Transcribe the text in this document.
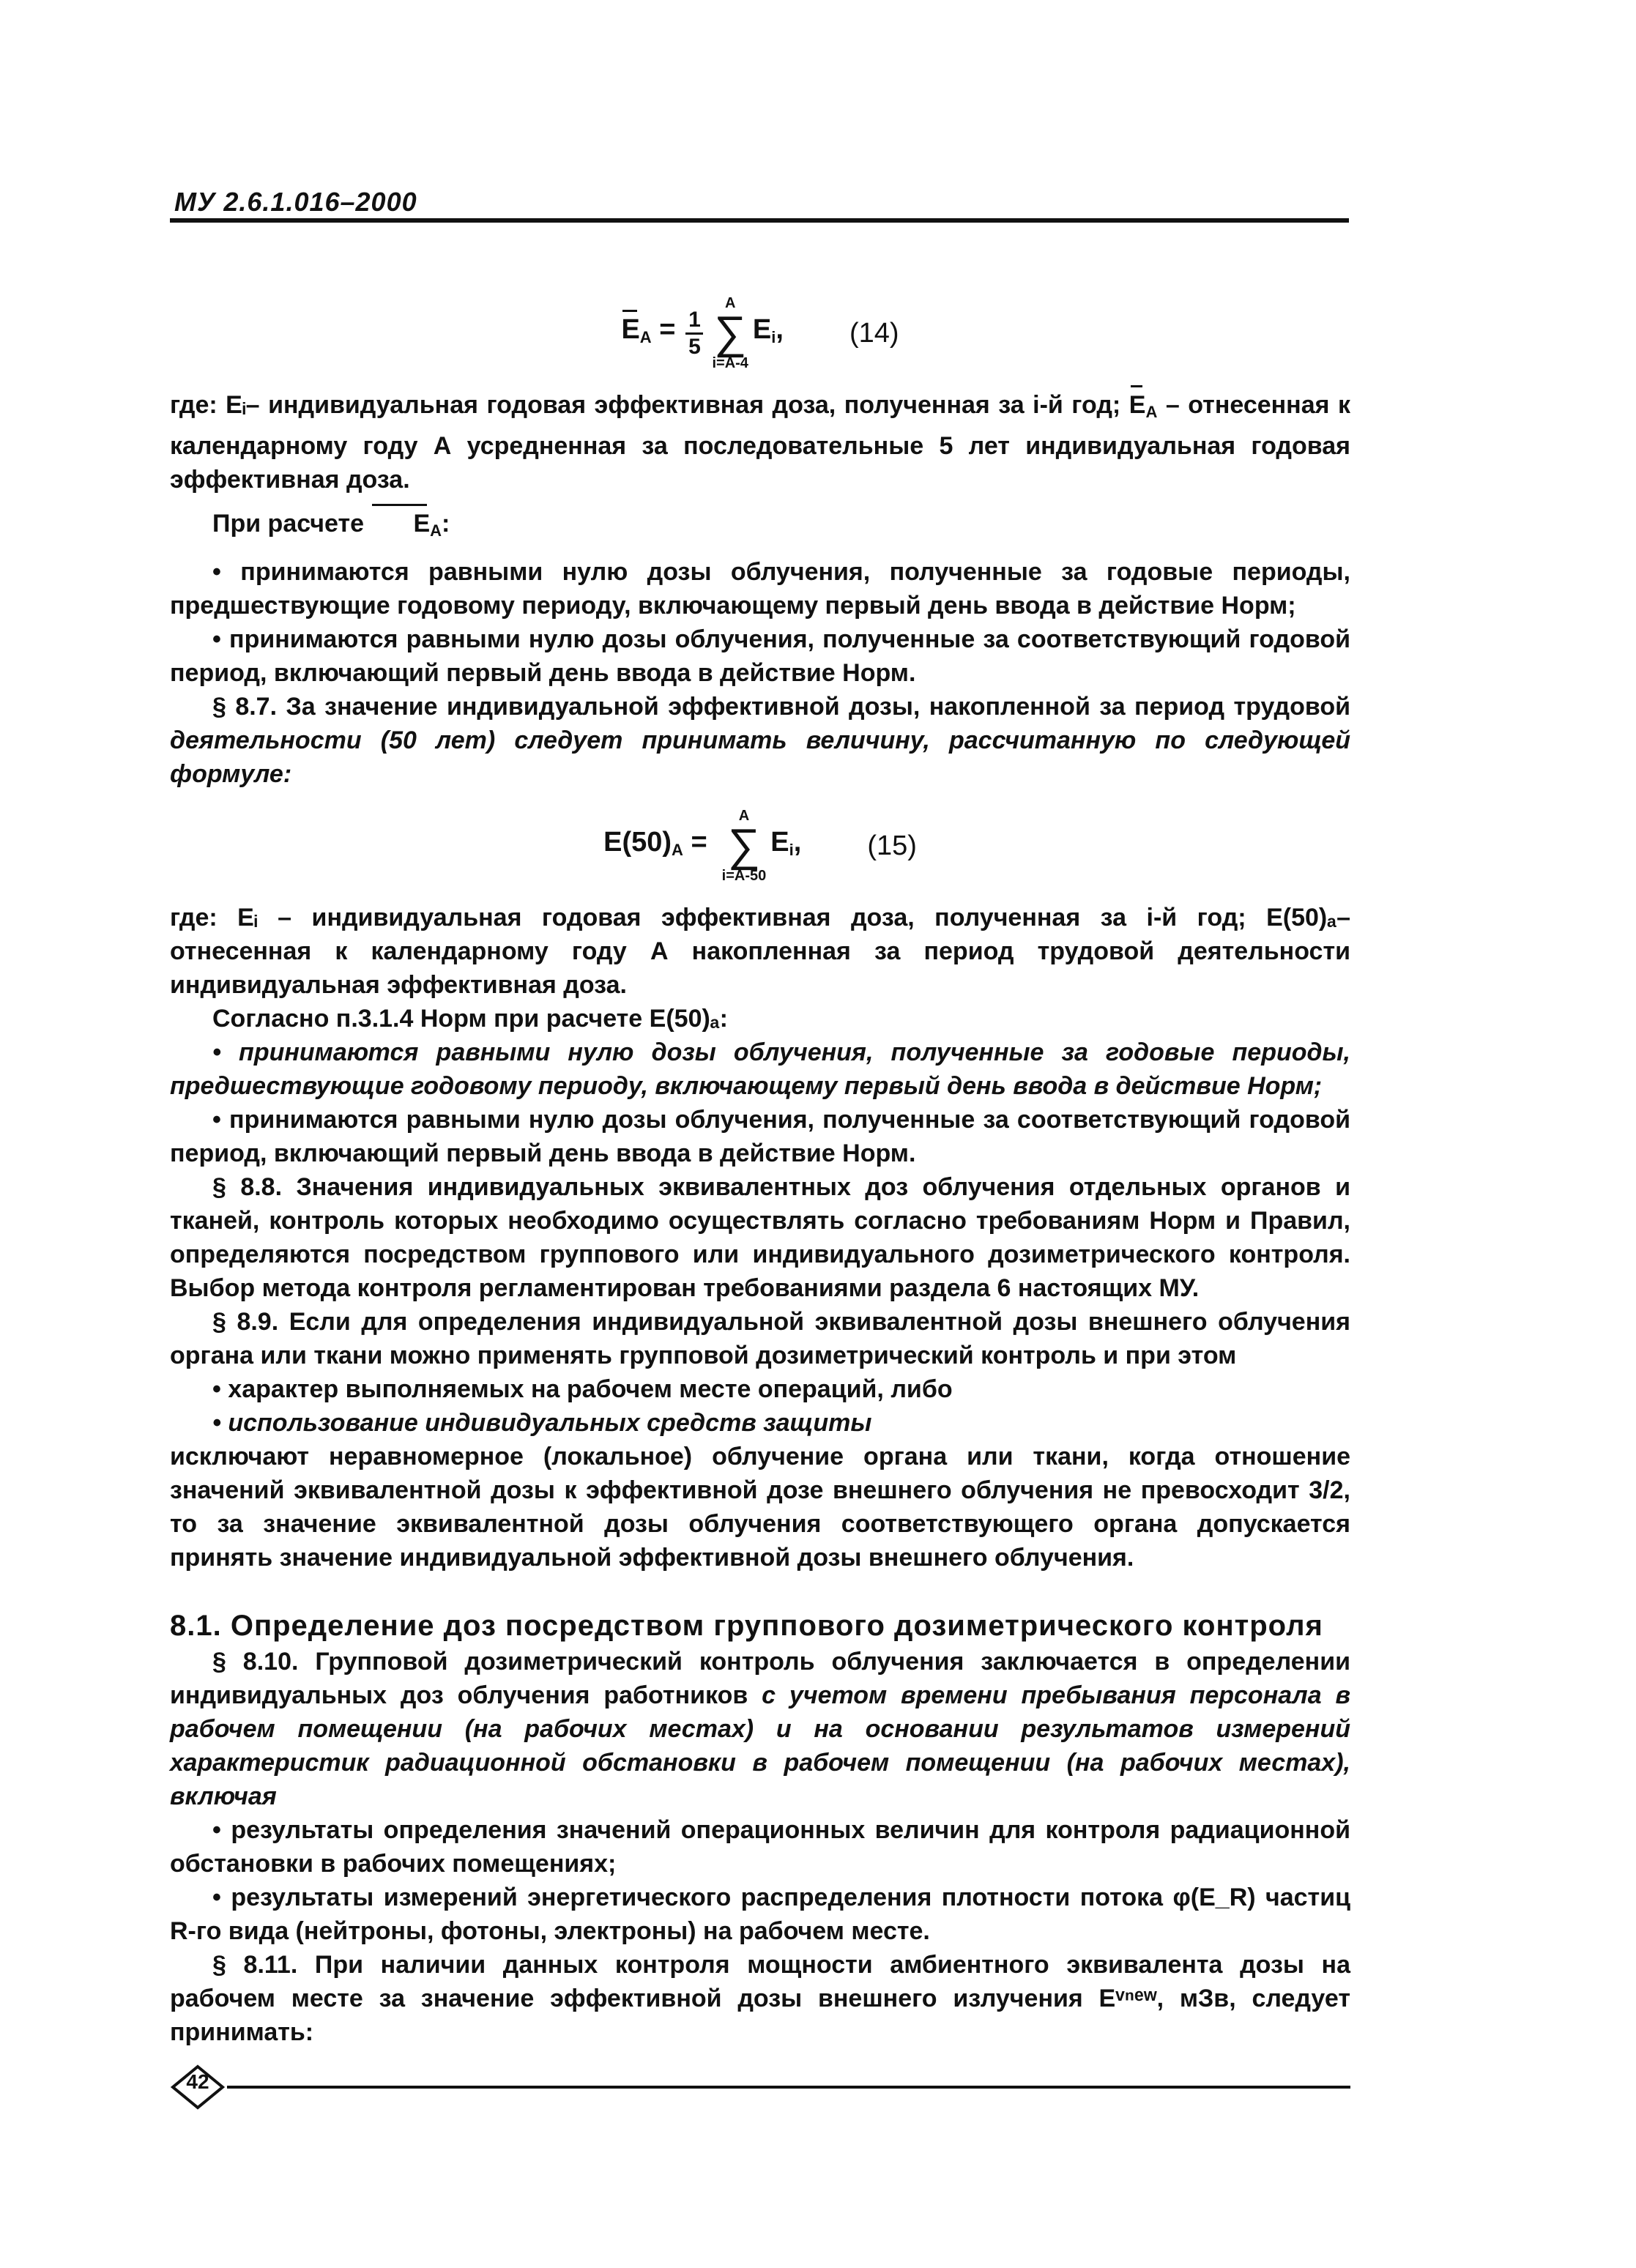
МУ 2.6.1.016–2000
$E_A = \frac{1}{5}$
A
∑
i=A-4
$E_i$, (14)

где: Eᵢ– индивидуальная годовая эффективная доза, полученная за i-й год; $E_A$ – отнесенная к календарному году А усредненная за последовательные 5 лет индивидуальная годовая эффективная доза.

При расчете $E_A$:

• принимаются равными нулю дозы облучения, полученные за годовые периоды, предшествующие годовому периоду, включающему первый день ввода в действие Норм;

• принимаются равными нулю дозы облучения, полученные за соответствующий годовой период, включающий первый день ввода в действие Норм.

§ 8.7. За значение индивидуальной эффективной дозы, накопленной за период трудовой деятельности (50 лет) следует принимать величину, рассчитанную по следующей формуле:

$E(50)_A$ =
A
∑
i=A-50
$E_i$, (15)

где: Eᵢ – индивидуальная годовая эффективная доза, полученная за i-й год; E(50)ₐ– отнесенная к календарному году А накопленная за период трудовой деятельности индивидуальная эффективная доза.

Согласно п.3.1.4 Норм при расчете E(50)ₐ:

• принимаются равными нулю дозы облучения, полученные за годовые периоды, предшествующие годовому периоду, включающему первый день ввода в действие Норм;

• принимаются равными нулю дозы облучения, полученные за соответствующий годовой период, включающий первый день ввода в действие Норм.

§ 8.8. Значения индивидуальных эквивалентных доз облучения отдельных органов и тканей, контроль которых необходимо осуществлять согласно требованиям Норм и Правил, определяются посредством группового или индивидуального дозиметрического контроля. Выбор метода контроля регламентирован требованиями раздела 6 настоящих МУ.

§ 8.9. Если для определения индивидуальной эквивалентной дозы внешнего облучения органа или ткани можно применять групповой дозиметрический контроль и при этом

• характер выполняемых на рабочем месте операций, либо

• использование индивидуальных средств защиты

исключают неравномерное (локальное) облучение органа или ткани, когда отношение значений эквивалентной дозы к эффективной дозе внешнего облучения не превосходит 3/2, то за значение эквивалентной дозы облучения соответствующего органа допускается принять значение индивидуальной эффективной дозы внешнего облучения.

8.1. Определение доз посредством группового дозиметрического контроля

§ 8.10. Групповой дозиметрический контроль облучения заключается в определении индивидуальных доз облучения работников с учетом времени пребывания персонала в рабочем помещении (на рабочих местах) и на основании результатов измерений характеристик радиационной обстановки в рабочем помещении (на рабочих местах), включая

• результаты определения значений операционных величин для контроля радиационной обстановки в рабочих помещениях;

• результаты измерений энергетического распределения плотности потока φ(E_R) частиц R-го вида (нейтроны, фотоны, электроны) на рабочем месте.

§ 8.11. При наличии данных контроля мощности амбиентного эквивалента дозы на рабочем месте за значение эффективной дозы внешнего излучения Eᵛⁿᵉʷ, мЗв, следует принимать:

42
